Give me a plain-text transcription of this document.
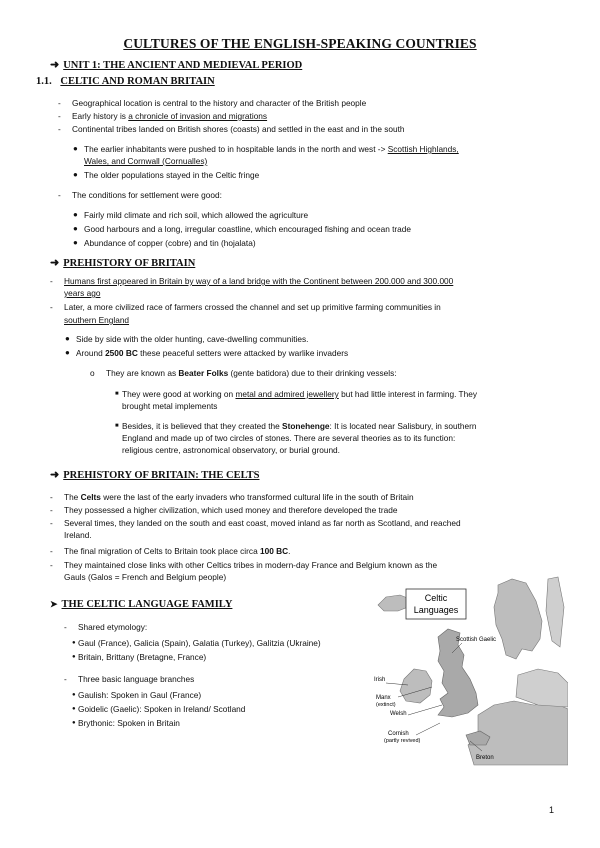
CULTURES OF THE ENGLISH-SPEAKING COUNTRIES
➜ UNIT 1: THE ANCIENT AND MEDIEVAL PERIOD
1.1. CELTIC AND ROMAN BRITAIN
- Geographical location is central to the history and character of the British people
- Early history is a chronicle of invasion and migrations
- Continental tribes landed on British shores (coasts) and settled in the east and in the south
● The earlier inhabitants were pushed to in hospitable lands in the north and west -> Scottish Highlands,
Wales, and Cornwall (Cornualles)
● The older populations stayed in the Celtic fringe
- The conditions for settlement were good:
● Fairly mild climate and rich soil, which allowed the agriculture
● Good harbours and a long, irregular coastline, which encouraged fishing and ocean trade
● Abundance of copper (cobre) and tin (hojalata)
➜ PREHISTORY OF BRITAIN
- Humans first appeared in Britain by way of a land bridge with the Continent between 200.000 and 300.000
years ago
- Later, a more civilized race of farmers crossed the channel and set up primitive farming communities in
southern England
● Side by side with the older hunting, cave-dwelling communities.
● Around 2500 BC these peaceful setters were attacked by warlike invaders
o They are known as Beater Folks (gente batidora) due to their drinking vessels:
■ They were good at working on metal and admired jewellery but had little interest in farming. They
brought metal implements
■ Besides, it is believed that they created the Stonehenge: It is located near Salisbury, in southern
England and made up of two circles of stones. There are several theories as to its function:
religious centre, astronomical observatory, or burial ground.
➜ PREHISTORY OF BRITAIN: THE CELTS
- The Celts were the last of the early invaders who transformed cultural life in the south of Britain
- They possessed a higher civilization, which used money and therefore developed the trade
- Several times, they landed on the south and east coast, moved inland as far north as Scotland, and reached
Ireland.
- The final migration of Celts to Britain took place circa 100 BC.
- They maintained close links with other Celtics tribes in modern-day France and Belgium known as the
Gauls (Galos = French and Belgium people)
➤ THE CELTIC LANGUAGE FAMILY
- Shared etymology:
● Gaul (France), Galicia (Spain), Galatia (Turkey), Galitzia (Ukraine)
● Britain, Brittany (Bretagne, France)
- Three basic language branches
● Gaulish: Spoken in Gaul (France)
● Goidelic (Gaelic): Spoken in Ireland/ Scotland
● Brythonic: Spoken in Britain
Celtic
Languages
Scottish Gaelic
Irish
Manx
(extinct)
Welsh
Cornish
(partly revived)
Breton
1
